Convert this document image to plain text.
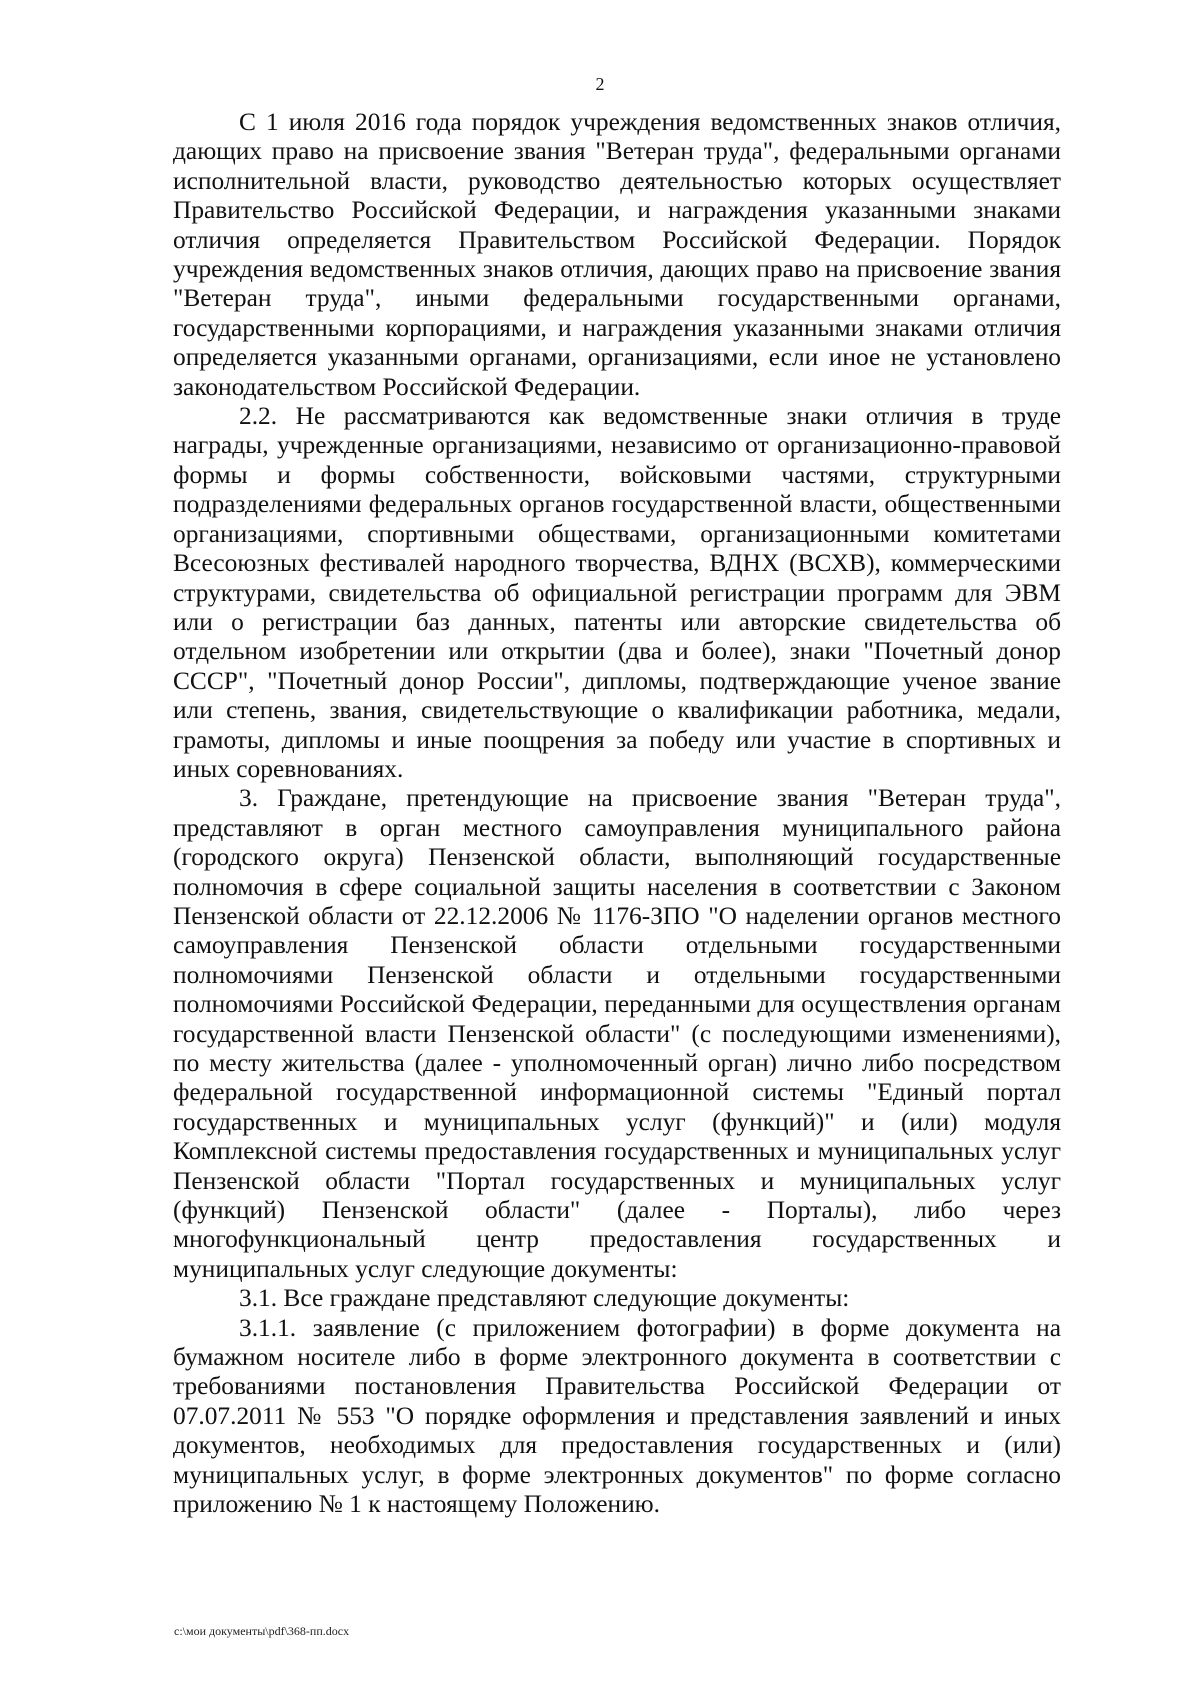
2

С 1 июля 2016 года порядок учреждения ведомственных знаков отличия, дающих право на присвоение звания "Ветеран труда", федеральными органами исполнительной власти, руководство деятельностью которых осуществляет Правительство Российской Федерации, и награждения указанными знаками отличия определяется Правительством Российской Федерации. Порядок учреждения ведомственных знаков отличия, дающих право на присвоение звания "Ветеран труда", иными федеральными государственными органами, государственными корпорациями, и награждения указанными знаками отличия определяется указанными органами, организациями, если иное не установлено законодательством Российской Федерации.

2.2. Не рассматриваются как ведомственные знаки отличия в труде награды, учрежденные организациями, независимо от организационно-правовой формы и формы собственности, войсковыми частями, структурными подразделениями федеральных органов государственной власти, общественными организациями, спортивными обществами, организационными комитетами Всесоюзных фестивалей народного творчества, ВДНХ (ВСХВ), коммерческими структурами, свидетельства об официальной регистрации программ для ЭВМ или о регистрации баз данных, патенты или авторские свидетельства об отдельном изобретении или открытии (два и более), знаки "Почетный донор СССР", "Почетный донор России", дипломы, подтверждающие ученое звание или степень, звания, свидетельствующие о квалификации работника, медали, грамоты, дипломы и иные поощрения за победу или участие в спортивных и иных соревнованиях.

3. Граждане, претендующие на присвоение звания "Ветеран труда", представляют в орган местного самоуправления муниципального района (городского округа) Пензенской области, выполняющий государственные полномочия в сфере социальной защиты населения в соответствии с Законом Пензенской области от 22.12.2006 № 1176-ЗПО "О наделении органов местного самоуправления Пензенской области отдельными государственными полномочиями Пензенской области и отдельными государственными полномочиями Российской Федерации, переданными для осуществления органам государственной власти Пензенской области" (с последующими изменениями), по месту жительства (далее - уполномоченный орган) лично либо посредством федеральной государственной информационной системы "Единый портал государственных и муниципальных услуг (функций)" и (или) модуля Комплексной системы предоставления государственных и муниципальных услуг Пензенской области "Портал государственных и муниципальных услуг (функций) Пензенской области" (далее - Порталы), либо через многофункциональный центр предоставления государственных и муниципальных услуг следующие документы:

3.1. Все граждане представляют следующие документы:

3.1.1. заявление (с приложением фотографии) в форме документа на бумажном носителе либо в форме электронного документа в соответствии с требованиями постановления Правительства Российской Федерации от 07.07.2011 № 553 "О порядке оформления и представления заявлений и иных документов, необходимых для предоставления государственных и (или) муниципальных услуг, в форме электронных документов" по форме согласно приложению № 1 к настоящему Положению.

c:\мои документы\pdf\368-пп.docx
